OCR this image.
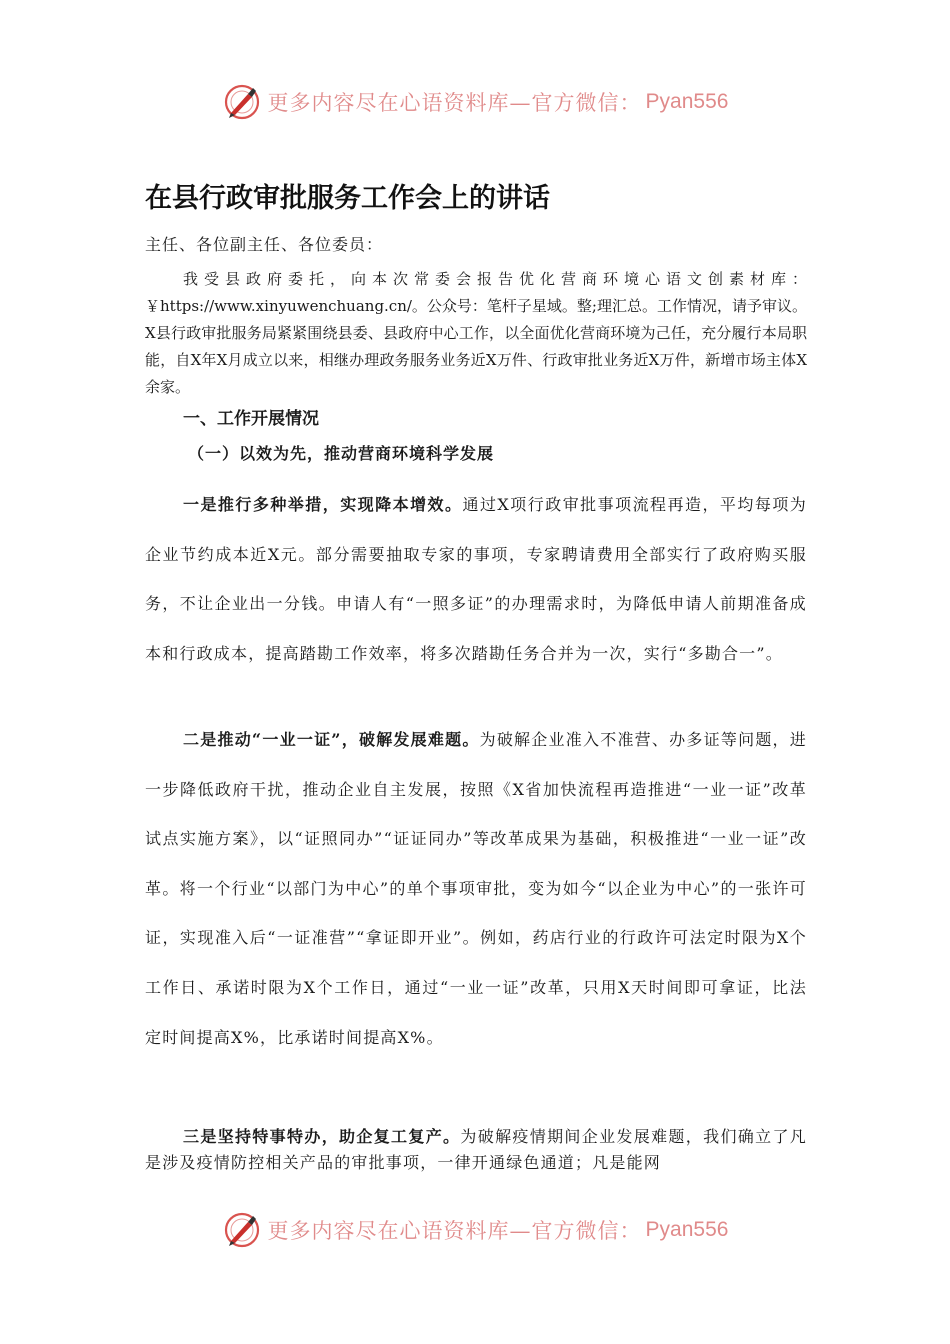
更多内容尽在心语资料库—官方微信： Pyan556
在县行政审批服务工作会上的讲话

主任、各位副主任、各位委员：

我受县政府委托，向本次常委会报告优化营商环境心语文创素材库：￥https://www.xinyuwenchuang.cn/。公众号：笔杆子星域。整;理汇总。工作情况，请予审议。X县行政审批服务局紧紧围绕县委、县政府中心工作，以全面优化营商环境为己任，充分履行本局职能，自X年X月成立以来，相继办理政务服务业务近X万件、行政审批业务近X万件，新增市场主体X余家。

一、工作开展情况
（一）以效为先，推动营商环境科学发展

一是推行多种举措，实现降本增效。通过X项行政审批事项流程再造，平均每项为企业节约成本近X元。部分需要抽取专家的事项，专家聘请费用全部实行了政府购买服务，不让企业出一分钱。申请人有“一照多证”的办理需求时，为降低申请人前期准备成本和行政成本，提高踏勘工作效率，将多次踏勘任务合并为一次，实行“多勘合一”。

二是推动“一业一证”，破解发展难题。为破解企业准入不准营、办多证等问题，进一步降低政府干扰，推动企业自主发展，按照《X省加快流程再造推进“一业一证”改革试点实施方案》，以“证照同办”“证证同办”等改革成果为基础，积极推进“一业一证”改革。将一个行业“以部门为中心”的单个事项审批，变为如今“以企业为中心”的一张许可证，实现准入后“一证准营”“拿证即开业”。例如，药店行业的行政许可法定时限为X个工作日、承诺时限为X个工作日，通过“一业一证”改革，只用X天时间即可拿证，比法定时间提高X%，比承诺时间提高X%。

三是坚持特事特办，助企复工复产。为破解疫情期间企业发展难题，我们确立了凡是涉及疫情防控相关产品的审批事项，一律开通绿色通道；凡是能网

更多内容尽在心语资料库—官方微信： Pyan556
